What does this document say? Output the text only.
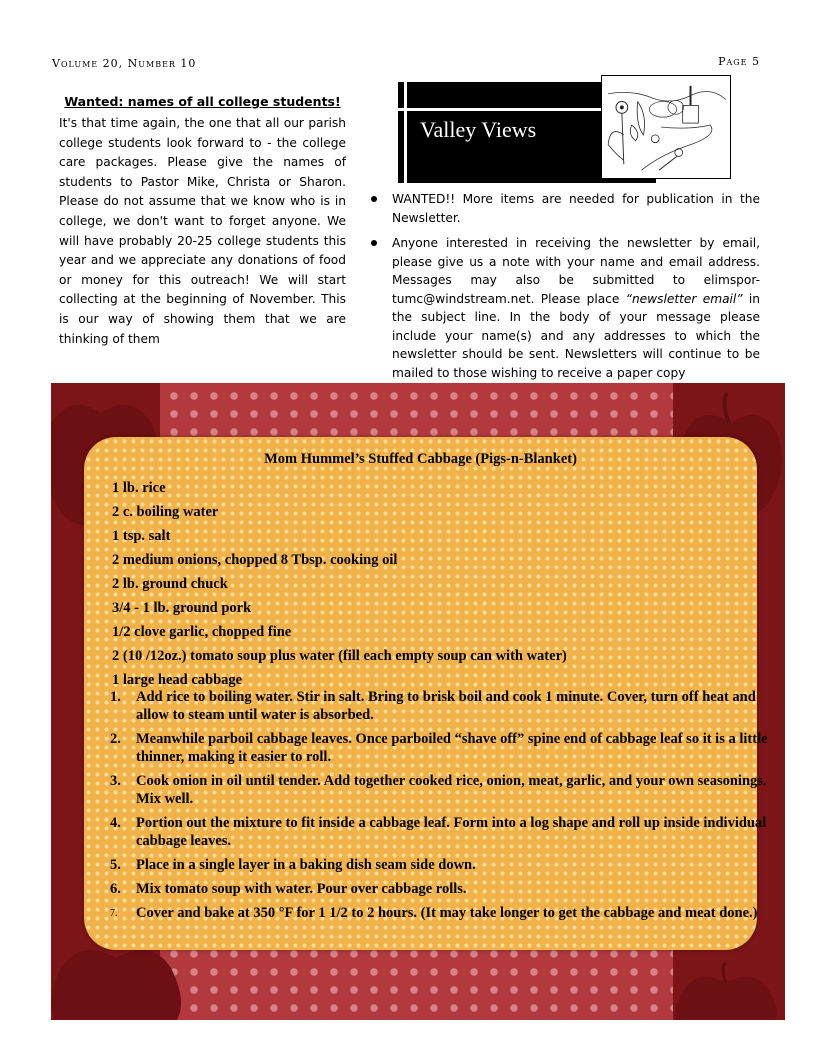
Volume 20, Number 10	Page 5

Wanted: names of all college students!

It's that time again, the one that all our parish college students look forward to - the college care packages. Please give the names of students to Pastor Mike, Christa or Sharon. Please do not assume that we know who is in college, we don't want to forget anyone. We will have probably 20-25 college students this year and we appreciate any donations of food or money for this outreach! We will start collecting at the beginning of November. This is our way of showing them that we are thinking of them

Valley Views
WANTED!! More items are needed for publication in the Newsletter.
Anyone interested in receiving the newsletter by email, please give us a note with your name and email address. Messages may also be submitted to elimspor-tumc@windstream.net. Please place “newsletter email” in the subject line. In the body of your message please include your name(s) and any addresses to which the newsletter should be sent. Newsletters will continue to be mailed to those wishing to receive a paper copy
Mom Hummel’s Stuffed Cabbage (Pigs-n-Blanket)
1 lb. rice
2 c. boiling water
1 tsp. salt
2 medium onions, chopped 8 Tbsp. cooking oil
2 lb. ground chuck
3/4 - 1 lb. ground pork
1/2 clove garlic, chopped fine
2 (10 /12oz.) tomato soup plus water (fill each empty soup can with water)
1 large head cabbage
1. Add rice to boiling water. Stir in salt. Bring to brisk boil and cook 1 minute. Cover, turn off heat and allow to steam until water is absorbed.
2. Meanwhile parboil cabbage leaves. Once parboiled “shave off” spine end of cabbage leaf so it is a little thinner, making it easier to roll.
3. Cook onion in oil until tender. Add together cooked rice, onion, meat, garlic, and your own seasonings. Mix well.
4. Portion out the mixture to fit inside a cabbage leaf. Form into a log shape and roll up inside individual cabbage leaves.
5. Place in a single layer in a baking dish seam side down.
6. Mix tomato soup with water. Pour over cabbage rolls.
7. Cover and bake at 350 °F for 1 1/2 to 2 hours. (It may take longer to get the cabbage and meat done.)
